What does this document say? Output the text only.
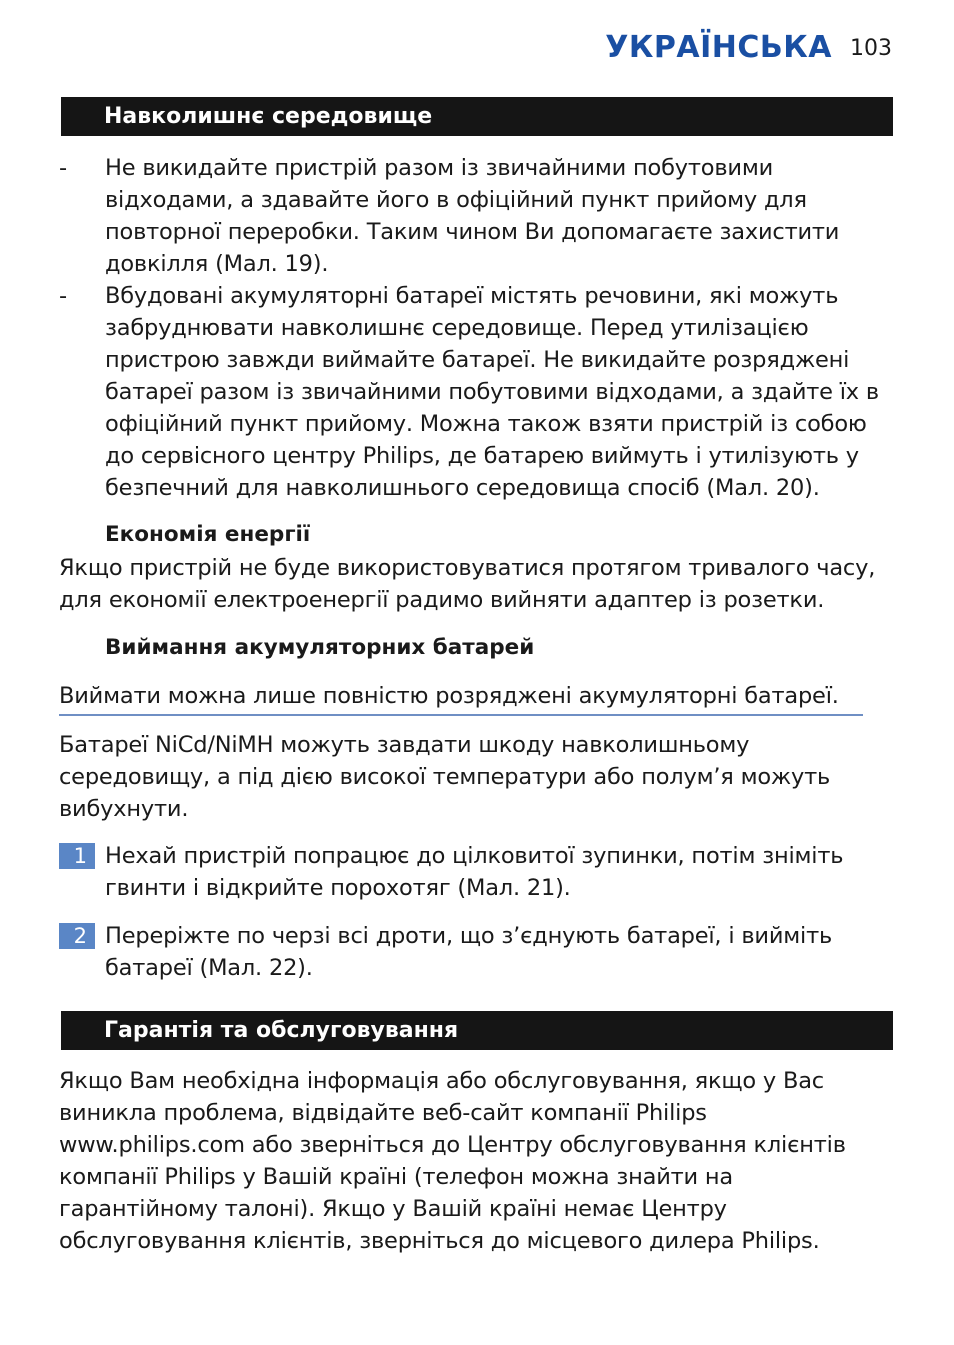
УКРАЇНСЬКА 103
Навколишнє середовище
- Не викидайте пристрій разом із звичайними побутовими відходами, а здавайте його в офіційний пункт прийому для повторної переробки. Таким чином Ви допомагаєте захистити довкілля (Мал. 19).
- Вбудовані акумуляторні батареї містять речовини, які можуть забруднювати навколишнє середовище. Перед утилізацією пристрою завжди виймайте батареї. Не викидайте розряджені батареї разом із звичайними побутовими відходами, а здайте їх в офіційний пункт прийому. Можна також взяти пристрій із собою до сервісного центру Philips, де батарею виймуть і утилізують у безпечний для навколишнього середовища спосіб (Мал. 20).
Економія енергії

Якщо пристрій не буде використовуватися протягом тривалого часу, для економії електроенергії радимо вийняти адаптер із розетки.

Виймання акумуляторних батарей
Виймати можна лише повністю розряджені акумуляторні батареї.

Батареї NiCd/NiMH можуть завдати шкоду навколишньому середовищу, а під дією високої температури або полум’я можуть вибухнути.

1 Нехай пристрій попрацює до цілковитої зупинки, потім зніміть гвинти і відкрийте порохотяг (Мал. 21).
2 Переріжте по черзі всі дроти, що з’єднують батареї, і вийміть батареї (Мал. 22).
Гарантія та обслуговування

Якщо Вам необхідна інформація або обслуговування, якщо у Вас виникла проблема, відвідайте веб-сайт компанії Philips www.philips.com або зверніться до Центру обслуговування клієнтів компанії Philips у Вашій країні (телефон можна знайти на гарантійному талоні). Якщо у Вашій країні немає Центру обслуговування клієнтів, зверніться до місцевого дилера Philips.
